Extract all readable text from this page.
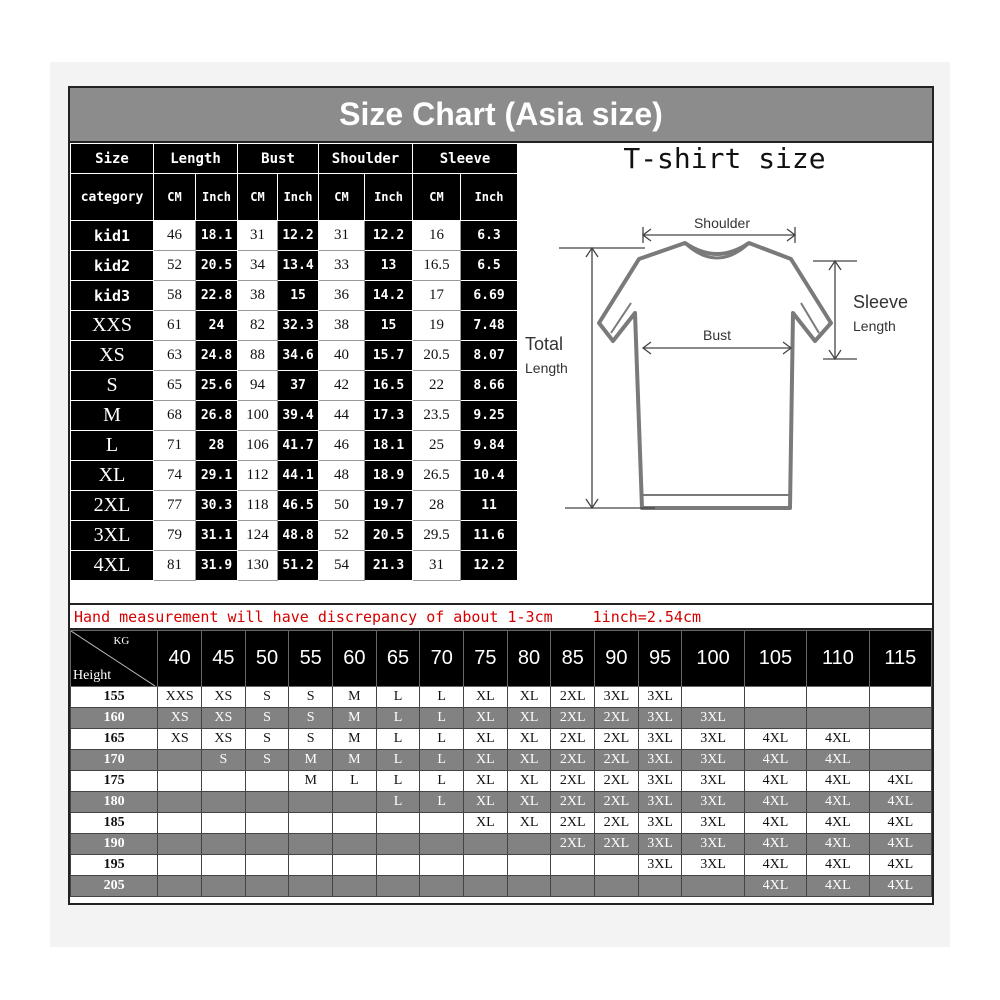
Size Chart (Asia size)
Size	Length		Bust		Shoulder		Sleeve	
category	CM	Inch	CM	Inch	CM	Inch	CM	Inch
kid1	46	18.1	31	12.2	31	12.2	16	6.3
kid2	52	20.5	34	13.4	33	13	16.5	6.5
kid3	58	22.8	38	15	36	14.2	17	6.69
XXS	61	24	82	32.3	38	15	19	7.48
XS	63	24.8	88	34.6	40	15.7	20.5	8.07
S	65	25.6	94	37	42	16.5	22	8.66
M	68	26.8	100	39.4	44	17.3	23.5	9.25
L	71	28	106	41.7	46	18.1	25	9.84
XL	74	29.1	112	44.1	48	18.9	26.5	10.4
2XL	77	30.3	118	46.5	50	19.7	28	11
3XL	79	31.1	124	48.8	52	20.5	29.5	11.6
4XL	81	31.9	130	51.2	54	21.3	31	12.2
T-shirt size
Shoulder
Bust
Total
Length
Sleeve
Length
Hand measurement will have discrepancy of about 1-3cm	1inch=2.54cm
KG
Height	40	45	50	55	60	65	70	75	80	85	90	95	100	105	110	115
155	XXS	XS	S	S	M	L	L	XL	XL	2XL	3XL	3XL				
160	XS	XS	S	S	M	L	L	XL	XL	2XL	2XL	3XL	3XL			
165	XS	XS	S	S	M	L	L	XL	XL	2XL	2XL	3XL	3XL	4XL	4XL	
170		S	S	M	M	L	L	XL	XL	2XL	2XL	3XL	3XL	4XL	4XL	
175				M	L	L	L	XL	XL	2XL	2XL	3XL	3XL	4XL	4XL	4XL
180						L	L	XL	XL	2XL	2XL	3XL	3XL	4XL	4XL	4XL
185								XL	XL	2XL	2XL	3XL	3XL	4XL	4XL	4XL
190										2XL	2XL	3XL	3XL	4XL	4XL	4XL
195												3XL	3XL	4XL	4XL	4XL
205														4XL	4XL	4XL
